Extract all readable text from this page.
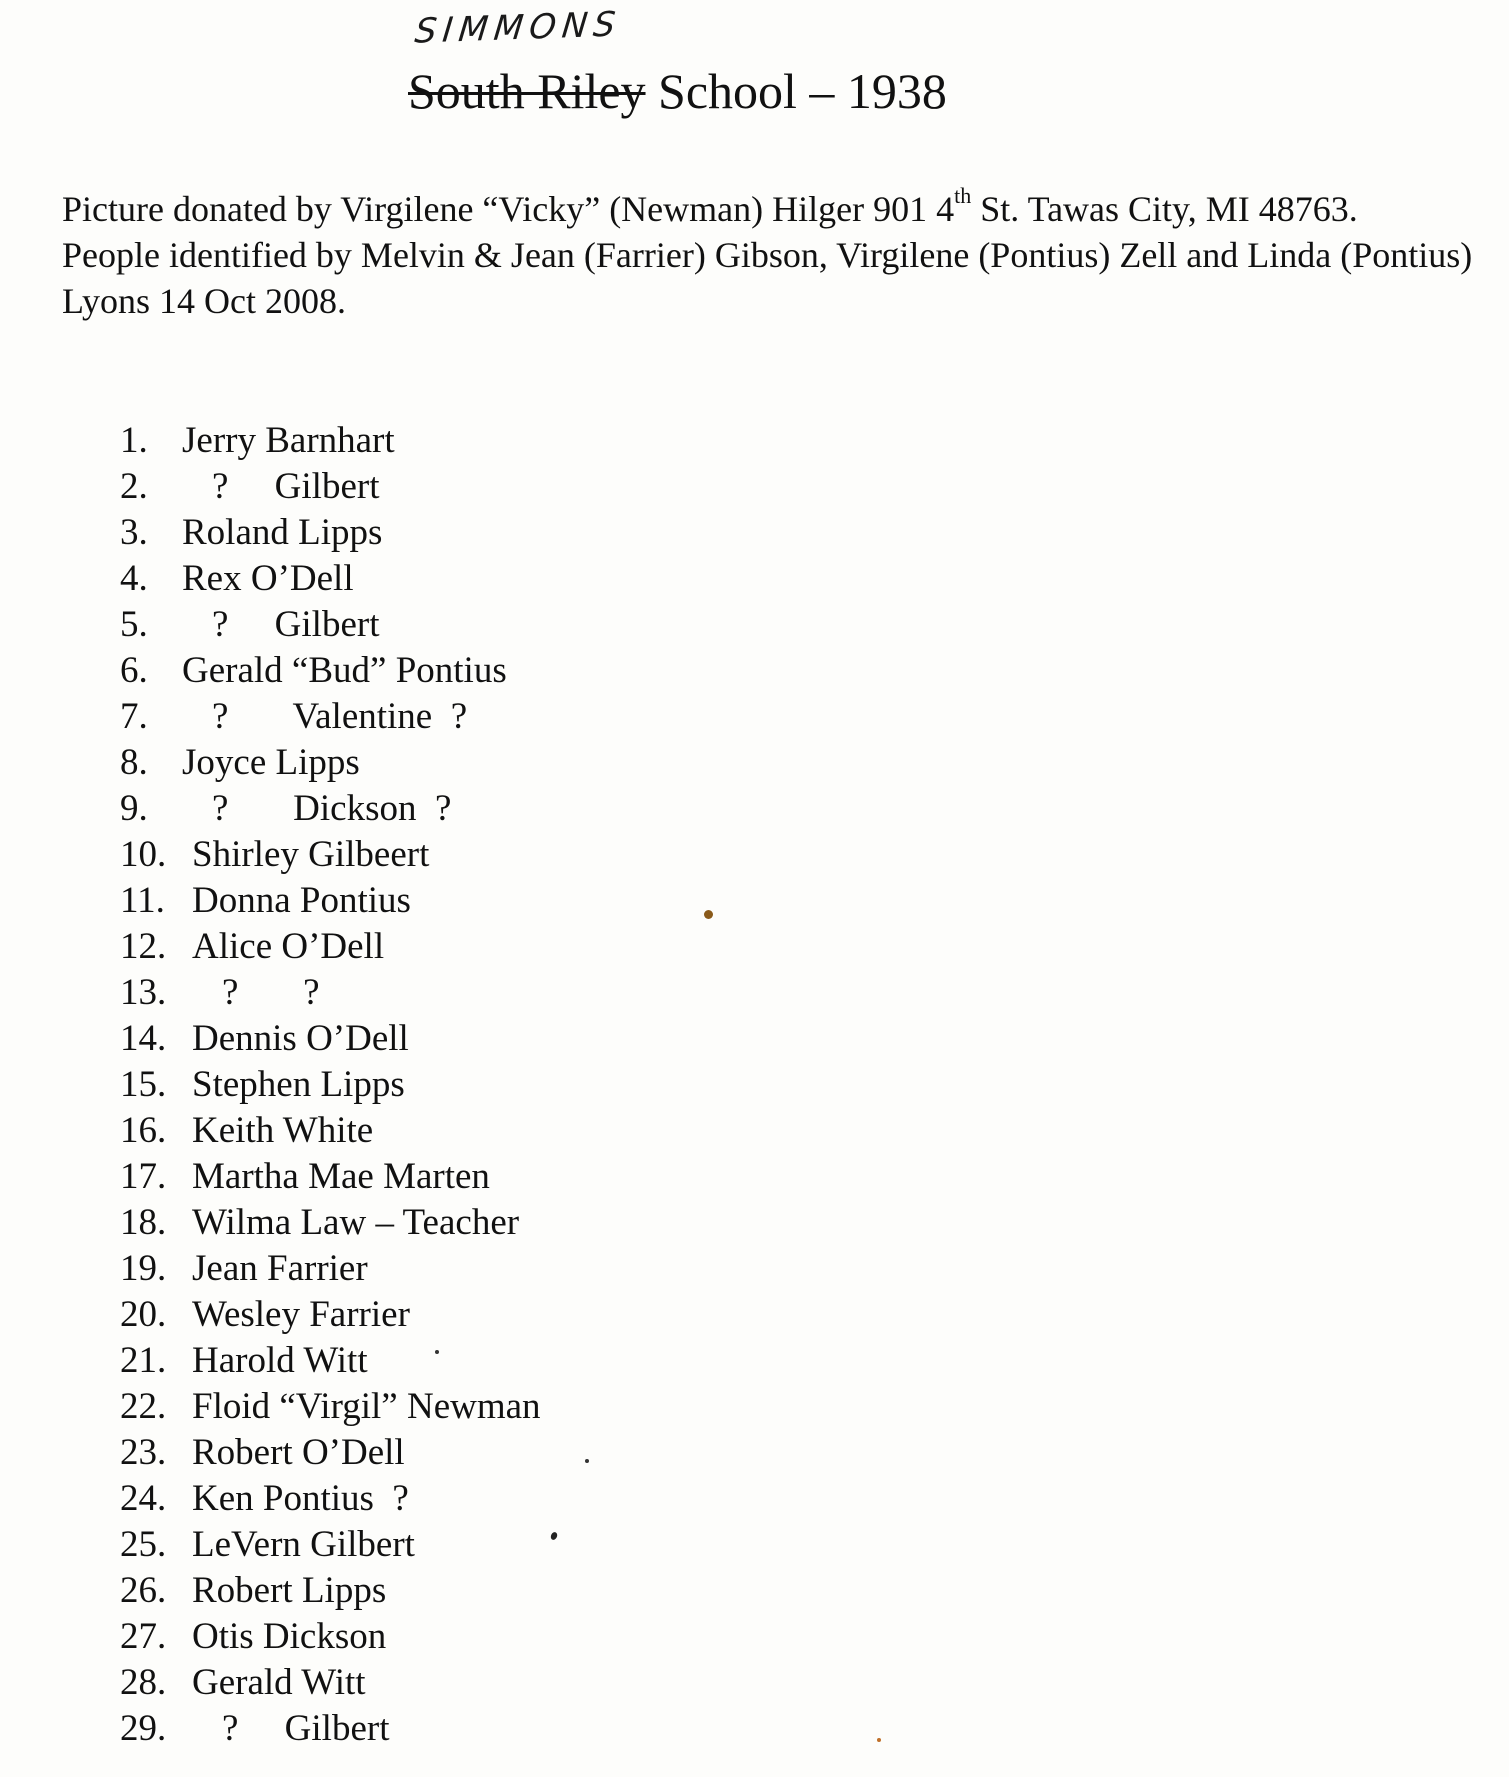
SIMMONS
South Riley School – 1938

Picture donated by Virgilene “Vicky” (Newman) Hilger 901 4th St. Tawas City, MI 48763.

People identified by Melvin & Jean (Farrier) Gibson, Virgilene (Pontius) Zell and Linda (Pontius) Lyons 14 Oct 2008.

1. Jerry Barnhart
2.	?     Gilbert
3. Roland Lipps
4. Rex O’Dell
5.	?     Gilbert
6. Gerald “Bud” Pontius
7.	?       Valentine  ?
8. Joyce Lipps
9.	?       Dickson  ?
10. Shirley Gilbeert
11. Donna Pontius
12. Alice O’Dell
13.	?       ?
14. Dennis O’Dell
15. Stephen Lipps
16. Keith White
17. Martha Mae Marten
18. Wilma Law – Teacher
19. Jean Farrier
20. Wesley Farrier
21. Harold Witt
22. Floid “Virgil” Newman
23. Robert O’Dell
24. Ken Pontius  ?
25. LeVern Gilbert
26. Robert Lipps
27. Otis Dickson
28. Gerald Witt
29.	?     Gilbert
